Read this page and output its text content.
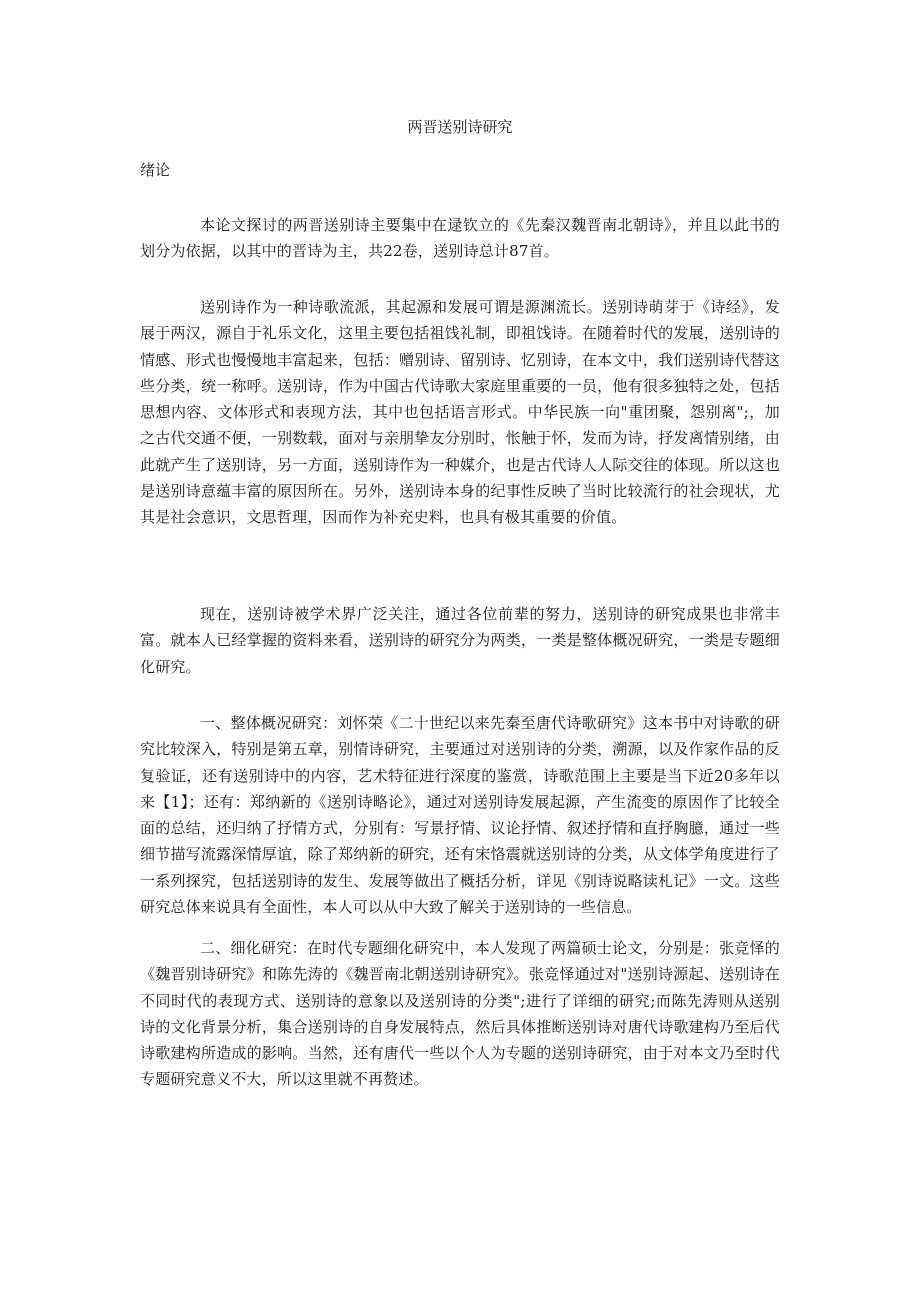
两晋送别诗研究
绪论

本论文探讨的两晋送别诗主要集中在逯钦立的《先秦汉魏晋南北朝诗》，并且以此书的划分为依据，以其中的晋诗为主，共22卷，送别诗总计87首。

送别诗作为一种诗歌流派，其起源和发展可谓是源渊流长。送别诗萌芽于《诗经》，发展于两汉，源自于礼乐文化，这里主要包括祖饯礼制，即祖饯诗。在随着时代的发展，送别诗的情感、形式也慢慢地丰富起来，包括：赠别诗、留别诗、忆别诗，在本文中，我们送别诗代替这些分类，统一称呼。送别诗，作为中国古代诗歌大家庭里重要的一员，他有很多独特之处，包括思想内容、文体形式和表现方法，其中也包括语言形式。中华民族一向"重团聚，怨别离";，加之古代交通不便，一别数载，面对与亲朋挚友分别时，怅触于怀，发而为诗，抒发离情别绪，由此就产生了送别诗，另一方面，送别诗作为一种媒介，也是古代诗人人际交往的体现。所以这也是送别诗意蕴丰富的原因所在。另外，送别诗本身的纪事性反映了当时比较流行的社会现状，尤其是社会意识，文思哲理，因而作为补充史料，也具有极其重要的价值。

现在，送别诗被学术界广泛关注，通过各位前辈的努力，送别诗的研究成果也非常丰富。就本人已经掌握的资料来看，送别诗的研究分为两类，一类是整体概况研究，一类是专题细化研究。

一、整体概况研究：刘怀荣《二十世纪以来先秦至唐代诗歌研究》这本书中对诗歌的研究比较深入，特别是第五章，别情诗研究，主要通过对送别诗的分类，溯源，以及作家作品的反复验证，还有送别诗中的内容，艺术特征进行深度的鉴赏，诗歌范围上主要是当下近20多年以来【1】；还有：郑纳新的《送别诗略论》，通过对送别诗发展起源，产生流变的原因作了比较全面的总结，还归纳了抒情方式，分别有：写景抒情、议论抒情、叙述抒情和直抒胸臆，通过一些细节描写流露深情厚谊，除了郑纳新的研究，还有宋恪震就送别诗的分类，从文体学角度进行了一系列探究，包括送别诗的发生、发展等做出了概括分析，详见《别诗说略读札记》一文。这些研究总体来说具有全面性，本人可以从中大致了解关于送别诗的一些信息。

二、细化研究：在时代专题细化研究中，本人发现了两篇硕士论文，分别是：张竞怿的《魏晋别诗研究》和陈先涛的《魏晋南北朝送别诗研究》。张竞怿通过对"送别诗源起、送别诗在不同时代的表现方式、送别诗的意象以及送别诗的分类";进行了详细的研究;而陈先涛则从送别诗的文化背景分析，集合送别诗的自身发展特点，然后具体推断送别诗对唐代诗歌建构乃至后代诗歌建构所造成的影响。当然，还有唐代一些以个人为专题的送别诗研究，由于对本文乃至时代专题研究意义不大，所以这里就不再赘述。
